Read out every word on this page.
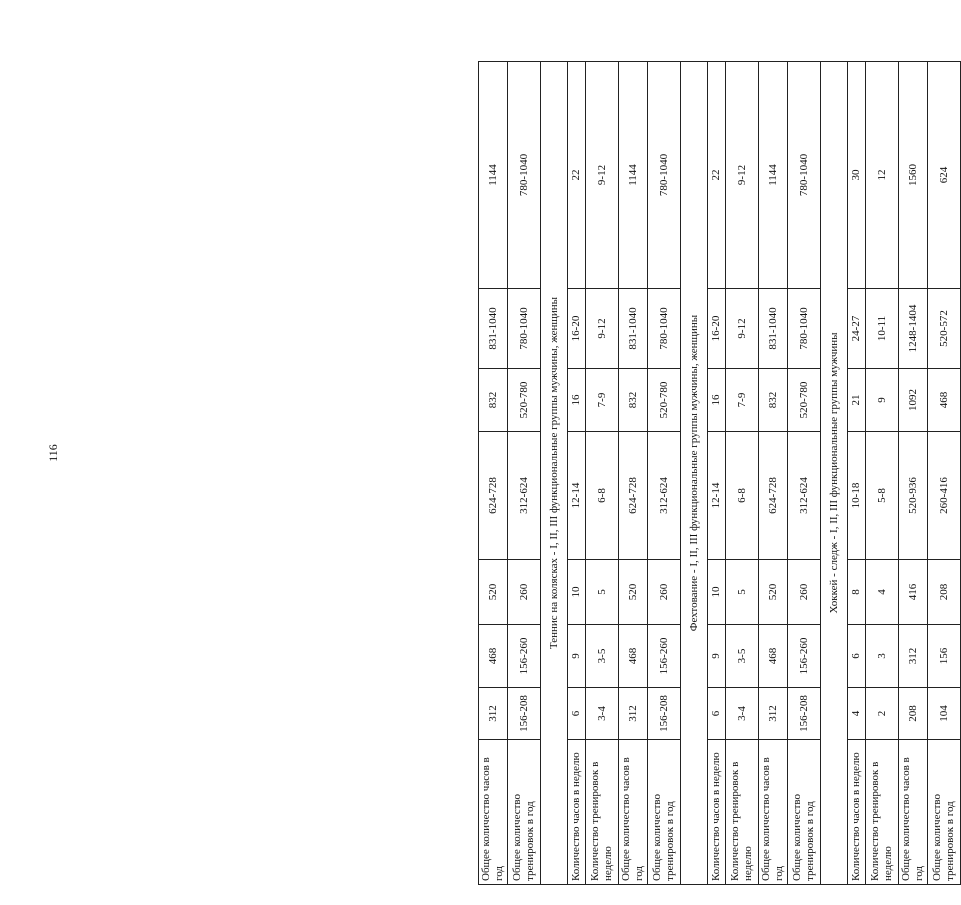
116
Общее количество часов в год	312	468	520	624-728	832	831-1040	1144
Общее количество тренировок в год	156-208	156-260	260	312-624	520-780	780-1040	780-1040
Теннис на колясках - I, II, III функциональные группы мужчины, женщины							
Количество часов в неделю	6	9	10	12-14	16	16-20	22
Количество тренировок в неделю	3-4	3-5	5	6-8	7-9	9-12	9-12
Общее количество часов в год	312	468	520	624-728	832	831-1040	1144
Общее количество тренировок в год	156-208	156-260	260	312-624	520-780	780-1040	780-1040
Фехтование - I, II, III функциональные группы мужчины, женщины							
Количество часов в неделю	6	9	10	12-14	16	16-20	22
Количество тренировок в неделю	3-4	3-5	5	6-8	7-9	9-12	9-12
Общее количество часов в год	312	468	520	624-728	832	831-1040	1144
Общее количество тренировок в год	156-208	156-260	260	312-624	520-780	780-1040	780-1040
Хоккей - следж - I, II, III функциональные группы мужчины							
Количество часов в неделю	4	6	8	10-18	21	24-27	30
Количество тренировок в неделю	2	3	4	5-8	9	10-11	12
Общее количество часов в год	208	312	416	520-936	1092	1248-1404	1560
Общее количество тренировок в год	104	156	208	260-416	468	520-572	624
